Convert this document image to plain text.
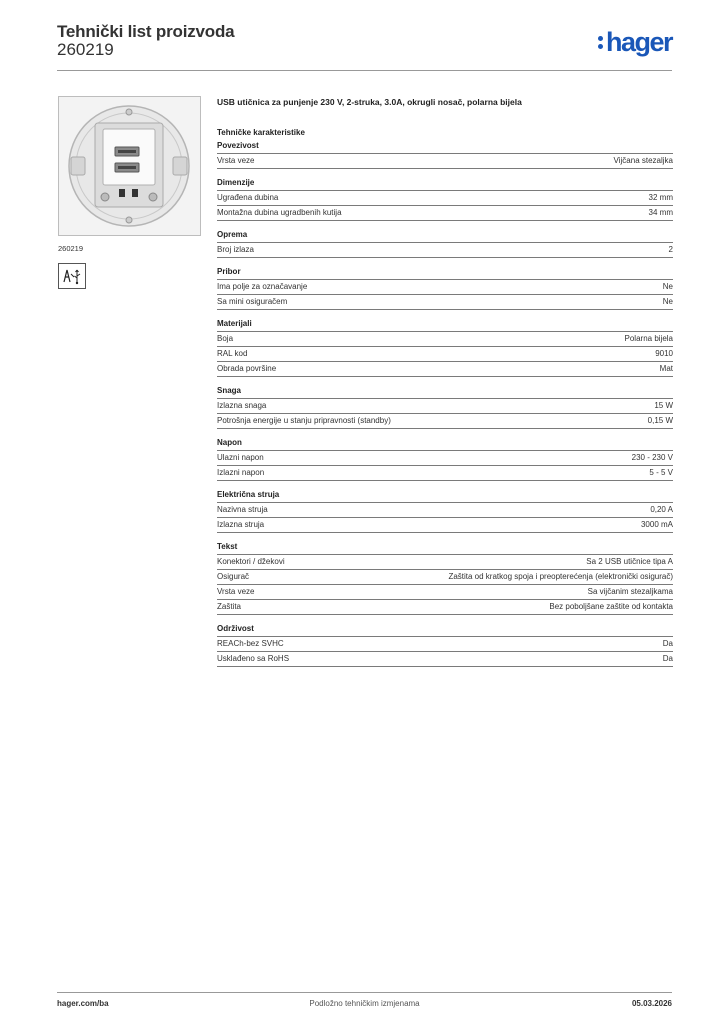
Tehnički list proizvoda
260219	hager
260219
USB utičnica za punjenje 230 V, 2-struka, 3.0A, okrugli nosač, polarna bijela
Tehničke karakteristike
Povezivost
Vrsta veze	Vijčana stezaljka
Dimenzije
Ugrađena dubina	32 mm
Montažna dubina ugradbenih kutija	34 mm
Oprema
Broj izlaza	2
Pribor
Ima polje za označavanje	Ne
Sa mini osiguračem	Ne
Materijali
Boja	Polarna bijela
RAL kod	9010
Obrada površine	Mat
Snaga
Izlazna snaga	15 W
Potrošnja energije u stanju pripravnosti (standby)	0,15 W
Napon
Ulazni napon	230 - 230 V
Izlazni napon	5 - 5 V
Električna struja
Nazivna struja	0,20 A
Izlazna struja	3000 mA
Tekst
Konektori / džekovi	Sa 2 USB utičnice tipa A
Osigurač	Zaštita od kratkog spoja i preopterećenja (elektronički osigurač)
Vrsta veze	Sa vijčanim stezaljkama
Zaštita	Bez poboljšane zaštite od kontakta
Održivost
REACh-bez SVHC	Da
Usklađeno sa RoHS	Da
hager.com/ba	Podložno tehničkim izmjenama	05.03.2026
